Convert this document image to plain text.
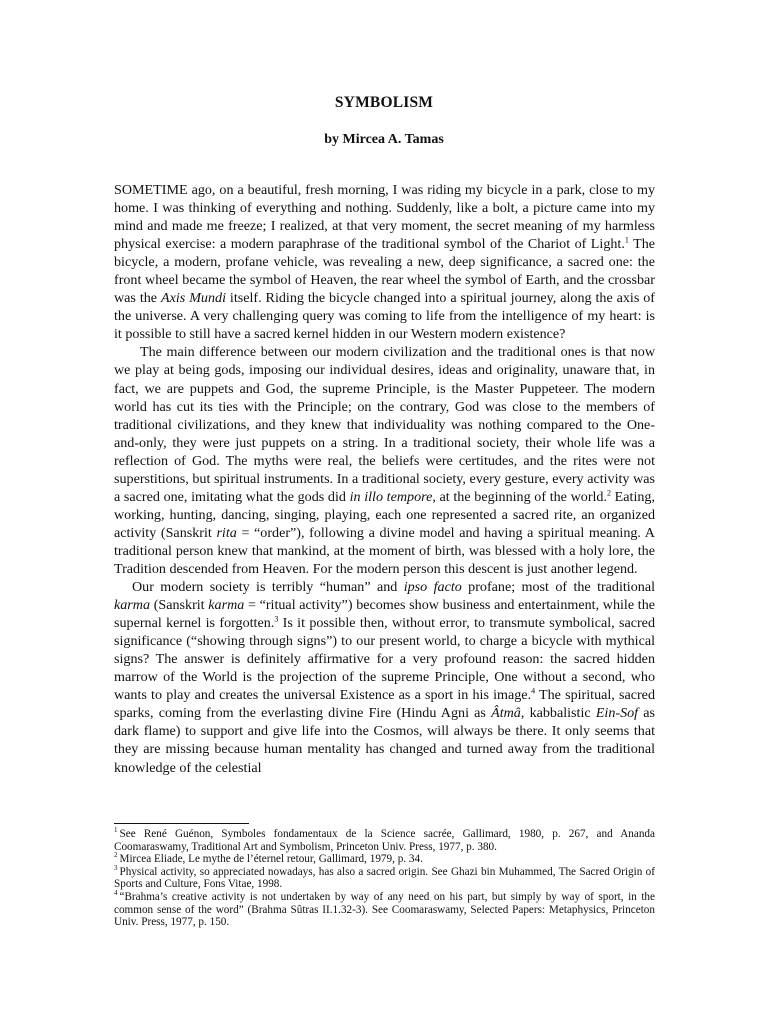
SYMBOLISM
by Mircea A. Tamas

SOMETIME ago, on a beautiful, fresh morning, I was riding my bicycle in a park, close to my home. I was thinking of everything and nothing. Suddenly, like a bolt, a picture came into my mind and made me freeze; I realized, at that very moment, the secret meaning of my harmless physical exercise: a modern paraphrase of the traditional symbol of the Chariot of Light.$^1$ The bicycle, a modern, profane vehicle, was revealing a new, deep significance, a sacred one: the front wheel became the symbol of Heaven, the rear wheel the symbol of Earth, and the crossbar was the Axis Mundi itself. Riding the bicycle changed into a spiritual journey, along the axis of the universe. A very challenging query was coming to life from the intelligence of my heart: is it possible to still have a sacred kernel hidden in our Western modern existence?

The main difference between our modern civilization and the traditional ones is that now we play at being gods, imposing our individual desires, ideas and originality, unaware that, in fact, we are puppets and God, the supreme Principle, is the Master Puppeteer. The modern world has cut its ties with the Principle; on the contrary, God was close to the members of traditional civilizations, and they knew that individuality was nothing compared to the One-and-only, they were just puppets on a string. In a traditional society, their whole life was a reflection of God. The myths were real, the beliefs were certitudes, and the rites were not superstitions, but spiritual instruments. In a traditional society, every gesture, every activity was a sacred one, imitating what the gods did in illo tempore, at the beginning of the world.$^2$ Eating, working, hunting, dancing, singing, playing, each one represented a sacred rite, an organized activity (Sanskrit rita = “order”), following a divine model and having a spiritual meaning. A traditional person knew that mankind, at the moment of birth, was blessed with a holy lore, the Tradition descended from Heaven. For the modern person this descent is just another legend.

Our modern society is terribly “human” and ipso facto profane; most of the traditional karma (Sanskrit karma = “ritual activity”) becomes show business and entertainment, while the supernal kernel is forgotten.$^3$ Is it possible then, without error, to transmute symbolical, sacred significance (“showing through signs”) to our present world, to charge a bicycle with mythical signs? The answer is definitely affirmative for a very profound reason: the sacred hidden marrow of the World is the projection of the supreme Principle, One without a second, who wants to play and creates the universal Existence as a sport in his image.$^4$ The spiritual, sacred sparks, coming from the everlasting divine Fire (Hindu Agni as Âtmâ, kabbalistic Ein-Sof as dark flame) to support and give life into the Cosmos, will always be there. It only seems that they are missing because human mentality has changed and turned away from the traditional knowledge of the celestial

$^1$ See René Guénon, Symboles fondamentaux de la Science sacrée, Gallimard, 1980, p. 267, and Ananda Coomaraswamy, Traditional Art and Symbolism, Princeton Univ. Press, 1977, p. 380.

$^2$ Mircea Eliade, Le mythe de l’éternel retour, Gallimard, 1979, p. 34.

$^3$ Physical activity, so appreciated nowadays, has also a sacred origin. See Ghazi bin Muhammed, The Sacred Origin of Sports and Culture, Fons Vitae, 1998.

$^4$ “Brahma’s creative activity is not undertaken by way of any need on his part, but simply by way of sport, in the common sense of the word” (Brahma Sûtras II.1.32-3). See Coomaraswamy, Selected Papers: Metaphysics, Princeton Univ. Press, 1977, p. 150.
